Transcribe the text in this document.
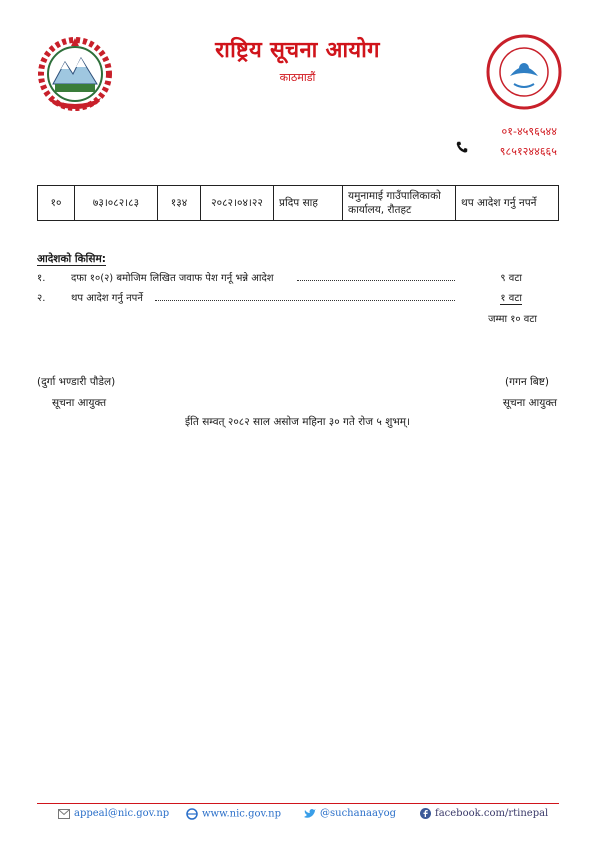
राष्ट्रिय सूचना आयोग
काठमाडौं
०१-४५९६५४४
९८५१२४४६६५
१०	७३।०८२।८३	१३४	२०८२।०४।२२	प्रदिप साह	यमुनामाई गाउँपालिकाको कार्यालय, रौतहट	थप आदेश गर्नु नपर्ने
आदेशको किसिम:
१.	दफा १०(२) बमोजिम लिखित जवाफ पेश गर्नू भन्ने आदेश	९ वटा
२.	थप आदेश गर्नु नपर्ने	१ वटा
जम्मा १० वटा
(दुर्गा भण्डारी पौडेल)
सूचना आयुक्त
(गगन बिष्ट)
सूचना आयुक्त
ईति सम्वत् २०८२ साल असोज महिना ३० गते रोज ५ शुभम्।
appeal@nic.gov.np	www.nic.gov.np	@suchanaayog	facebook.com/rtinepal
